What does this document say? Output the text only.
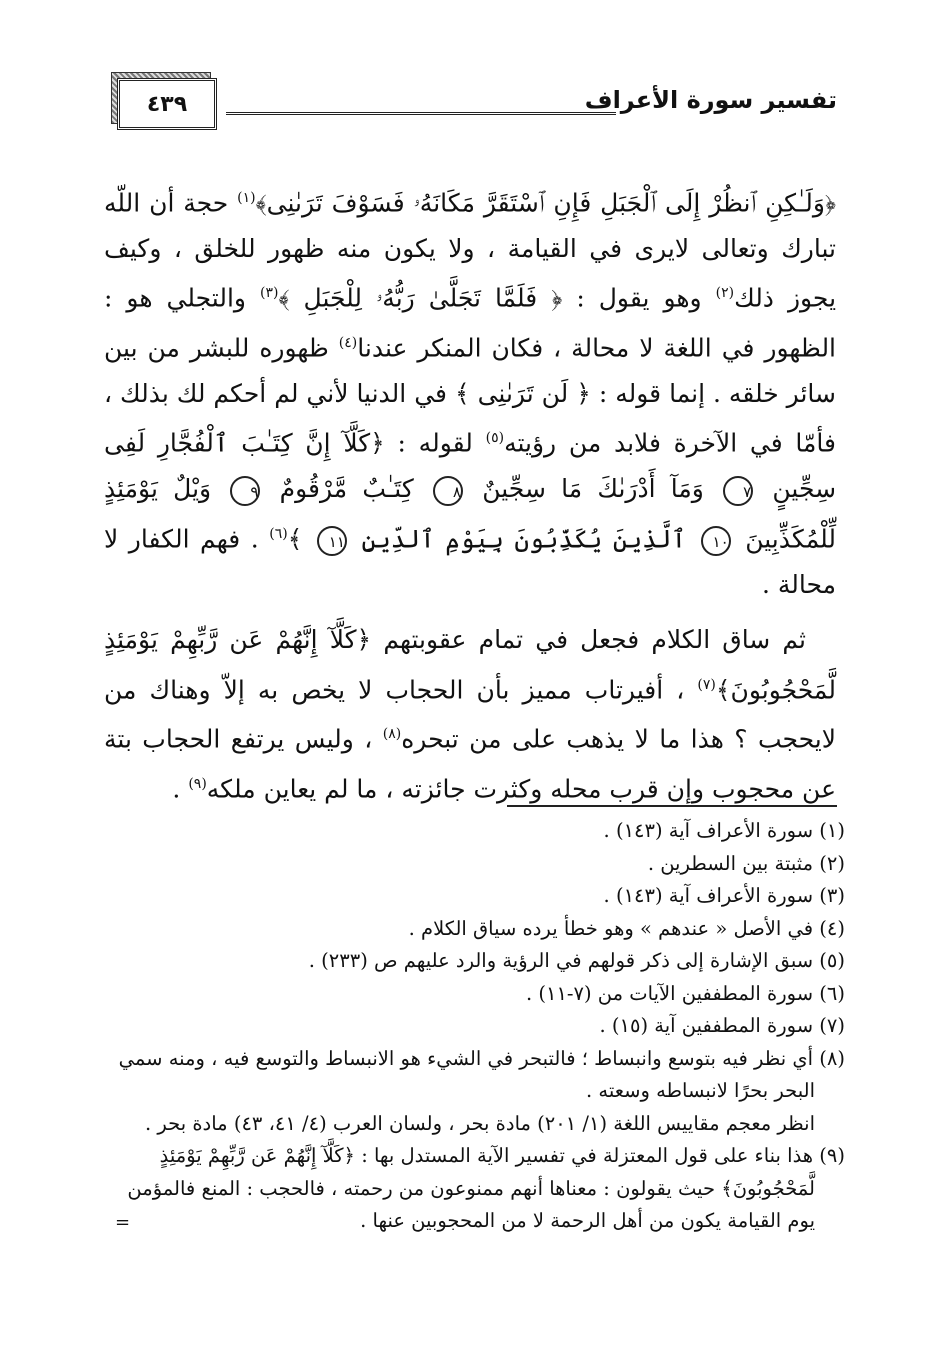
٤٣٩	تفسير سورة الأعراف

﴿وَلَـٰكِنِ ٱنظُرْ إِلَى ٱلْجَبَلِ فَإِنِ ٱسْتَقَرَّ مَكَانَهُۥ فَسَوْفَ تَرَىٰنِى﴾$^{(١)}$ حجة أن اللّه تبارك وتعالى لايرى في القيامة ، ولا يكون منه ظهور للخلق ، وكيف يجوز ذلك$^{(٢)}$ وهو يقول : ﴿ فَلَمَّا تَجَلَّىٰ رَبُّهُۥ لِلْجَبَلِ ﴾$^{(٣)}$ والتجلي هو : الظهور في اللغة لا محالة ، فكان المنكر عندنا$^{(٤)}$ ظهوره للبشر من بين سائر خلقه . إنما قوله : ﴿ لَن تَرَىٰنِى ﴾ في الدنيا لأني لم أحكم لك بذلك ، فأمّا في الآخرة فلابد من رؤيته$^{(٥)}$ لقوله : ﴿كَلَّآ إِنَّ كِتَـٰبَ ٱلْفُجَّارِ لَفِى سِجِّينٍ ٧ وَمَآ أَدْرَىٰكَ مَا سِجِّينٌ ٨ كِتَـٰبٌ مَّرْقُومٌ ٩ وَيْلٌ يَوْمَئِذٍ لِّلْمُكَذِّبِينَ ١٠ ٱلَّذِينَ يُكَذِّبُونَ بِيَوْمِ ٱلدِّينِ ١١ ﴾$^{(٦)}$ . فهم الكفار لا محالة .

ثم ساق الكلام فجعل في تمام عقوبتهم ﴿كَلَّآ إِنَّهُمْ عَن رَّبِّهِمْ يَوْمَئِذٍ لَّمَحْجُوبُونَ﴾$^{(٧)}$ ، أفيرتاب مميز بأن الحجاب لا يخص به إلاّ وهناك من لايحجب ؟ هذا ما لا يذهب على من تبحره$^{(٨)}$ ، وليس يرتفع الحجاب بتة عن محجوب وإن قرب محله وكثرت جائزته ، ما لم يعاين ملكه$^{(٩)}$ .

(١) سورة الأعراف آية (١٤٣) .

(٢) مثبتة بين السطرين .

(٣) سورة الأعراف آية (١٤٣) .

(٤) في الأصل « عندهم » وهو خطأ يرده سياق الكلام .

(٥) سبق الإشارة إلى ذكر قولهم في الرؤية والرد عليهم ص (٢٣٣) .

(٦) سورة المطففين الآيات من (٧-١١) .

(٧) سورة المطففين آية (١٥) .

(٨) أي نظر فيه بتوسع وانبساط ؛ فالتبحر في الشيء هو الانبساط والتوسع فيه ، ومنه سمي البحر بحرًا لانبساطه وسعته .

انظر معجم مقاييس اللغة (١/ ٢٠١) مادة بحر ، ولسان العرب (٤/ ٤١، ٤٣) مادة بحر .

(٩) هذا بناء على قول المعتزلة في تفسير الآية المستدل بها : ﴿كَلَّآ إِنَّهُمْ عَن رَّبِّهِمْ يَوْمَئِذٍ لَّمَحْجُوبُونَ﴾ حيث يقولون : معناها أنهم ممنوعون من رحمته ، فالحجب : المنع فالمؤمن يوم القيامة يكون من أهل الرحمة لا من المحجوبين عنها .

=
